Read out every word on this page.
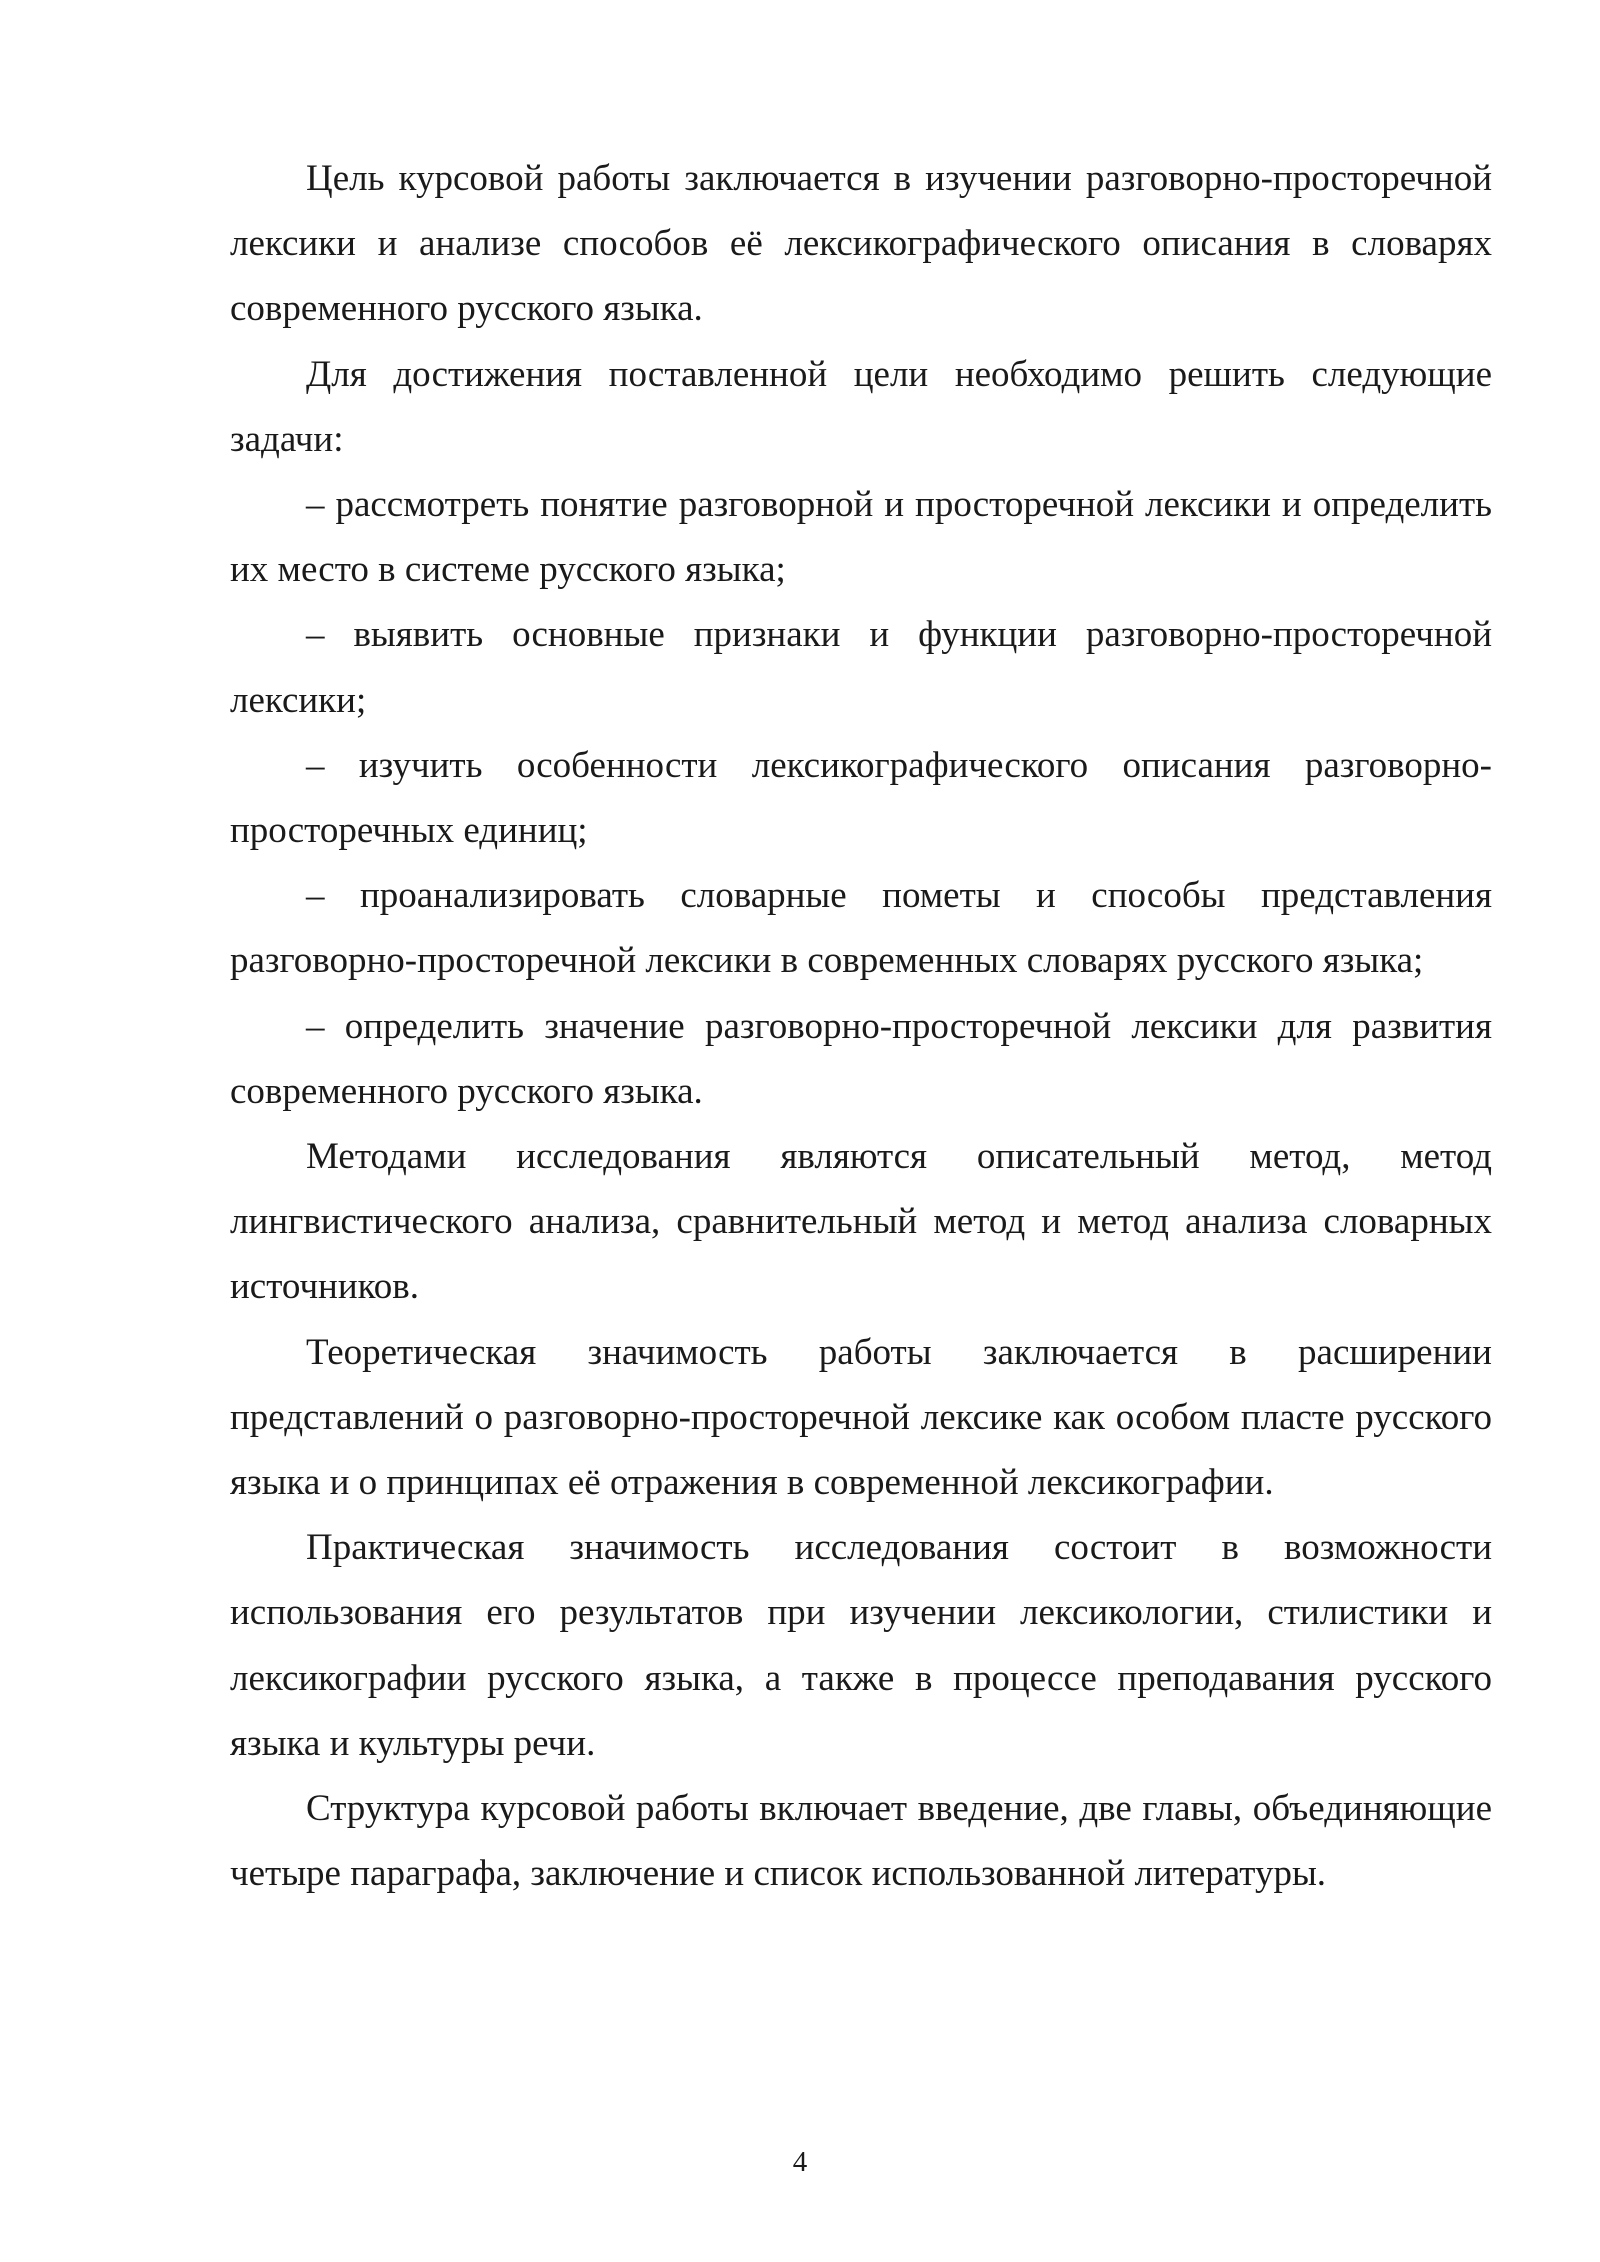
Цель курсовой работы заключается в изучении разговорно-просторечной лексики и анализе способов её лексикографического описания в словарях современного русского языка.

Для достижения поставленной цели необходимо решить следующие задачи:

– рассмотреть понятие разговорной и просторечной лексики и определить их место в системе русского языка;

– выявить основные признаки и функции разговорно-просторечной лексики;

– изучить особенности лексикографического описания разговорно-просторечных единиц;

– проанализировать словарные пометы и способы представления разговорно-просторечной лексики в современных словарях русского языка;

– определить значение разговорно-просторечной лексики для развития современного русского языка.

Методами исследования являются описательный метод, метод лингвистического анализа, сравнительный метод и метод анализа словарных источников.

Теоретическая значимость работы заключается в расширении представлений о разговорно-просторечной лексике как особом пласте русского языка и о принципах её отражения в современной лексикографии.

Практическая значимость исследования состоит в возможности использования его результатов при изучении лексикологии, стилистики и лексикографии русского языка, а также в процессе преподавания русского языка и культуры речи.

Структура курсовой работы включает введение, две главы, объединяющие четыре параграфа, заключение и список использованной литературы.

4
